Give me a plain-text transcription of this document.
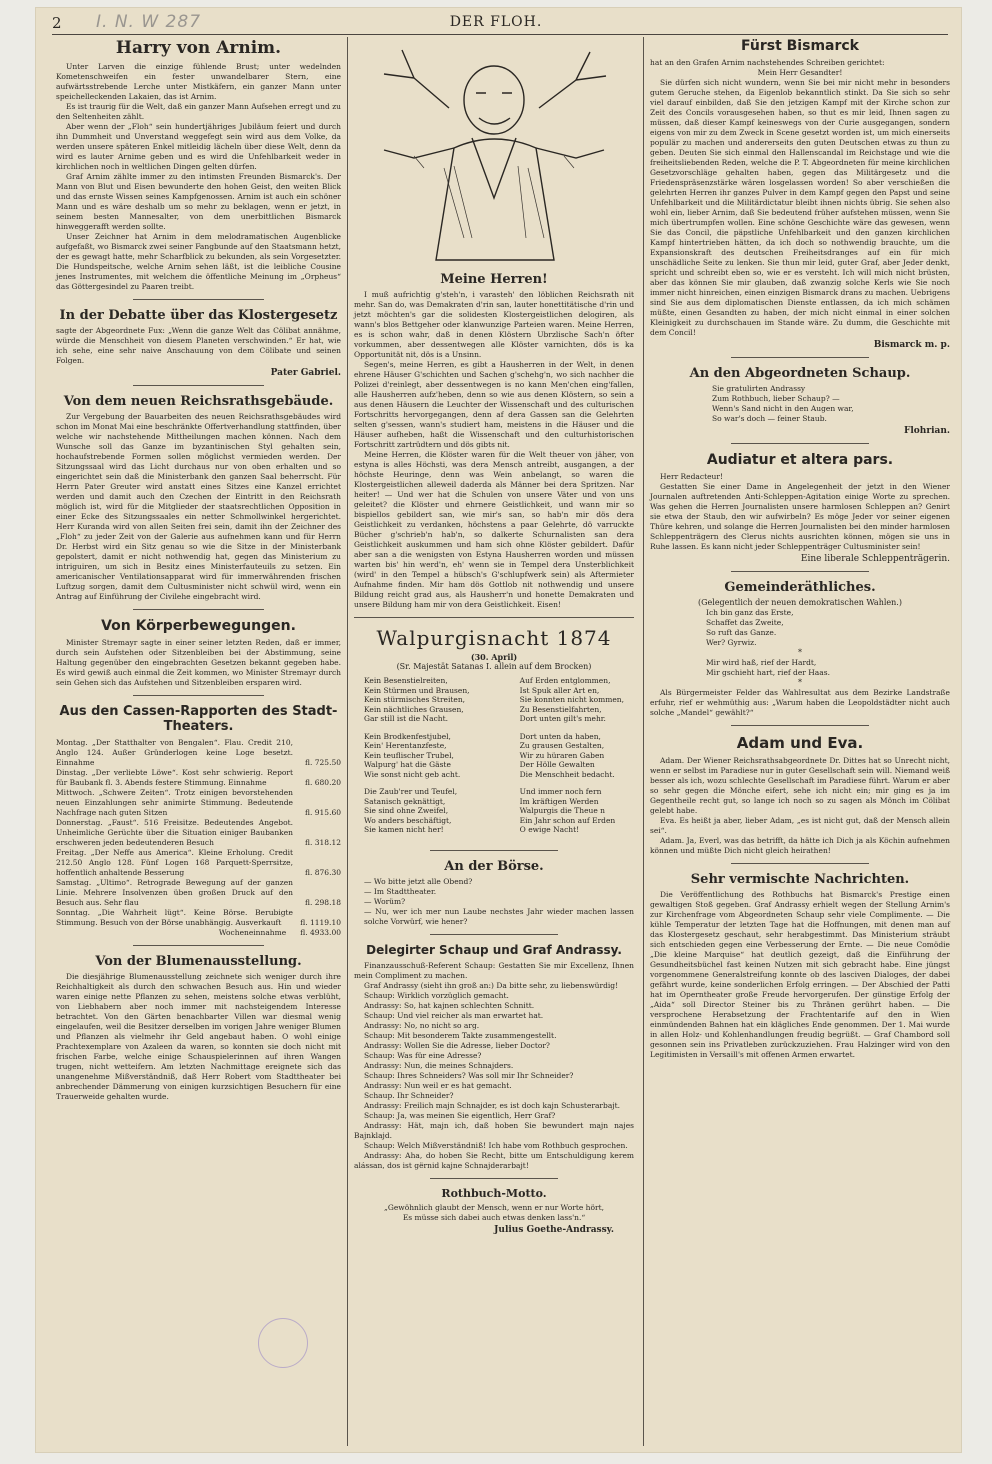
2 I. N. W 287	DER FLOH.
Harry von Arnim.

Unter Larven die einzige fühlende Brust; unter wedelnden Kometenschweifen ein fester unwandelbarer Stern, eine aufwärtsstrebende Lerche unter Mistkäfern, ein ganzer Mann unter speichelleckenden Lakaien, das ist Arnim.

Es ist traurig für die Welt, daß ein ganzer Mann Aufsehen erregt und zu den Seltenheiten zählt.

Aber wenn der „Floh“ sein hundertjähriges Jubiläum feiert und durch ihn Dummheit und Unverstand weggefegt sein wird aus dem Volke, da werden unsere späteren Enkel mitleidig lächeln über diese Welt, denn da wird es lauter Arnime geben und es wird die Unfehlbarkeit weder in kirchlichen noch in weltlichen Dingen gelten dürfen.

Graf Arnim zählte immer zu den intimsten Freunden Bismarck's. Der Mann von Blut und Eisen bewunderte den hohen Geist, den weiten Blick und das ernste Wissen seines Kampfgenossen. Arnim ist auch ein schöner Mann und es wäre deshalb um so mehr zu beklagen, wenn er jetzt, in seinem besten Mannesalter, von dem unerbittlichen Bismarck hinweggerafft werden sollte.

Unser Zeichner hat Arnim in dem melodramatischen Augenblicke aufgefaßt, wo Bismarck zwei seiner Fangbunde auf den Staatsmann hetzt, der es gewagt hatte, mehr Scharfblick zu bekunden, als sein Vorgesetzter. Die Hundspeitsche, welche Arnim sehen läßt, ist die leibliche Cousine jenes Instrumentes, mit welchem die öffentliche Meinung im „Orpheus“ das Göttergesindel zu Paaren treibt.

In der Debatte über das Klostergesetz

sagte der Abgeordnete Fux: „Wenn die ganze Welt das Cölibat annähme, würde die Menschheit von diesem Planeten verschwinden.“ Er hat, wie ich sehe, eine sehr naive Anschauung von dem Cölibate und seinen Folgen.

Pater Gabriel.
Von dem neuen Reichsrathsgebäude.

Zur Vergebung der Bauarbeiten des neuen Reichsrathsgebäudes wird schon im Monat Mai eine beschränkte Offertverhandlung stattfinden, über welche wir nachstehende Mittheilungen machen können. Nach dem Wunsche soll das Ganze im byzantinischen Styl gehalten sein, hochaufstrebende Formen sollen möglichst vermieden werden. Der Sitzungssaal wird das Licht durchaus nur von oben erhalten und so eingerichtet sein daß die Ministerbank den ganzen Saal beherrscht. Für Herrn Pater Greuter wird anstatt eines Sitzes eine Kanzel errichtet werden und damit auch den Czechen der Eintritt in den Reichsrath möglich ist, wird für die Mitglieder der staatsrechtlichen Opposition in einer Ecke des Sitzungssaales ein netter Schmollwinkel hergerichtet. Herr Kuranda wird von allen Seiten frei sein, damit ihn der Zeichner des „Floh“ zu jeder Zeit von der Galerie aus aufnehmen kann und für Herrn Dr. Herbst wird ein Sitz genau so wie die Sitze in der Ministerbank gepolstert, damit er nicht nothwendig hat, gegen das Ministerium zu intriguiren, um sich in Besitz eines Ministerfauteuils zu setzen. Ein americanischer Ventilationsapparat wird für immerwährenden frischen Luftzug sorgen, damit dem Cultusminister nicht schwül wird, wenn ein Antrag auf Einführung der Civilehe eingebracht wird.

Von Körperbewegungen.

Minister Stremayr sagte in einer seiner letzten Reden, daß er immer, durch sein Aufstehen oder Sitzenbleiben bei der Abstimmung, seine Haltung gegenüber den eingebrachten Gesetzen bekannt gegeben habe. Es wird gewiß auch einmal die Zeit kommen, wo Minister Stremayr durch sein Gehen sich das Aufstehen und Sitzenbleiben ersparen wird.

Aus den Cassen-Rapporten des Stadt-Theaters.
Montag. „Der Statthalter von Bengalen“. Flau. Credit 210, Anglo 124. Außer Gründerlogen keine Loge besetzt. Einnahme	fl. 725.50
Dinstag. „Der verliebte Löwe“. Kost sehr schwierig. Report für Baubank fl. 3. Abends festere Stimmung. Einnahme	fl. 680.20
Mittwoch. „Schwere Zeiten“. Trotz einigen bevorstehenden neuen Einzahlungen sehr animirte Stimmung. Bedeutende Nachfrage nach guten Sitzen	fl. 915.60
Donnerstag. „Faust“. 516 Freisitze. Bedeutendes Angebot. Unheimliche Gerüchte über die Situation einiger Baubanken erschweren jeden bedeutenderen Besuch	fl. 318.12
Freitag. „Der Neffe aus America“. Kleine Erholung. Credit 212.50 Anglo 128. Fünf Logen 168 Parquett-Sperrsitze, hoffentlich anhaltende Besserung	fl. 876.30
Samstag. „Ultimo“. Retrograde Bewegung auf der ganzen Linie. Mehrere Insolvenzen üben großen Druck auf den Besuch aus. Sehr flau	fl. 298.18
Sonntag. „Die Wahrheit lügt“. Keine Börse. Berubigte Stimmung. Besuch von der Börse unabhängig. Ausverkauft	fl. 1119.10
Wocheneinnahme fl. 4933.00
Von der Blumenausstellung.

Die diesjährige Blumenausstellung zeichnete sich weniger durch ihre Reichhaltigkeit als durch den schwachen Besuch aus. Hin und wieder waren einige nette Pflanzen zu sehen, meistens solche etwas verblüht, von Liebhabern aber noch immer mit nachsteigendem Interesse betrachtet. Von den Gärten benachbarter Villen war diesmal wenig eingelaufen, weil die Besitzer derselben im vorigen Jahre weniger Blumen und Pflanzen als vielmehr ihr Geld angebaut haben. O wohl einige Prachtexemplare von Azaleen da waren, so konnten sie doch nicht mit frischen Farbe, welche einige Schauspielerinnen auf ihren Wangen trugen, nicht wetteifern. Am letzten Nachmittage ereignete sich das unangenehme Mißverständniß, daß Herr Robert vom Stadttheater bei anbrechender Dämmerung von einigen kurzsichtigen Besuchern für eine Trauerweide gehalten wurde.

Meine Herren!

I muß aufrichtig g'steh'n, i varasteh' den löblichen Reichsrath nit mehr. San do, was Demakraten d'rin san, lauter honettitätische d'rin und jetzt möchten's gar die solidesten Klostergeistlichen delogiren, als wann's blos Bettgeher oder klanwunzige Parteien waren. Meine Herren, es is schon wahr, daß in denen Klöstern Ubrzlische Sach'n öfter vorkummen, aber dessentwegen alle Klöster varnichten, dös is ka Opportunität nit, dös is a Unsinn.

Segen's, meine Herren, es gibt a Hausherren in der Welt, in denen ehrene Häuser G'schichten und Sachen g'schehg'n, wo sich nachher die Polizei d'reinlegt, aber dessentwegen is no kann Men'chen eing'fallen, alle Hausherren aufz'heben, denn so wie aus denen Klöstern, so sein a aus denen Häusern die Leuchter der Wissenschaft und des culturischen Fortschritts hervorgegangen, denn af dera Gassen san die Gelehrten selten g'sessen, wann's studiert ham, meistens in die Häuser und die Häuser aufheben, haßt die Wissenschaft und den culturhistorischen Fortschritt zartrüdtern und dös gibts nit.

Meine Herren, die Klöster waren für die Welt theuer von jäher, von estyna is alles Höchsti, was dera Mensch antreibt, ausgangen, a der höchste Heuringe, denn was Wein anbelangt, so waren die Klostergeistlichen alleweil daderda als Männer bei dera Spritzen. Nar heiter! — Und wer hat die Schulen von unsere Väter und von uns geleitet? die Klöster und ehrnere Geistlichkeit, und wann mir so bispiellos gebildert san, wie mir's san, so hab'n mir dös dera Geistlichkeit zu verdanken, höchstens a paar Gelehrte, dö varruckte Bücher g'schrieb'n hab'n, so dalkerte Schurnalisten san dera Geistlichkeit auskummen und ham sich ohne Klöster gebildert. Dafür aber san a die wenigsten von Estyna Hausherren worden und müssen warten bis' hin werd'n, eh' wenn sie in Tempel dera Unsterblichkeit (wird' in den Tempel a hübsch's G'schlupfwerk sein) als Aftermieter Aufnahme finden. Mir ham dös Gottlob nit nothwendig und unsere Bildung reicht grad aus, als Hausherr'n und honette Demakraten und unsere Bildung ham mir von dera Geistlichkeit. Eisen!

Walpurgisnacht 1874
(30. April)
(Sr. Majestät Satanas I. allein auf dem Brocken)
Kein Besenstielreiten,
Kein Stürmen und Brausen,
Kein stürmisches Streiten,
Kein nächtliches Grausen,
Gar still ist die Nacht.
Kein Brodkenfestjubel,
Kein' Herentanzfeste,
Kein teuflischer Trubel,
Walpurg' hat die Gäste
Wie sonst nicht geb acht.
Die Zaub'rer und Teufel,
Satanisch geknättigt,
Sie sind ohne Zweifel,
Wo anders beschäftigt,
Sie kamen nicht her!
Auf Erden entglommen,
Ist Spuk aller Art en,
Sie konnten nicht kommen,
Zu Besenstielfahrten,
Dort unten gilt's mehr.
Dort unten da haben,
Zu grausen Gestalten,
Wir zu hüraren Gaben
Der Hölle Gewalten
Die Menschheit bedacht.
Und immer noch fern
Im kräftigen Werden
Walpurgis die Theue n
Ein Jahr schon auf Erden
O ewige Nacht!
An der Börse.

— Wo bitte jetzt alle Obend?

— Im Stadttheater.

— Worüm?

— Nu, wer ich mer nun Laube nechstes Jahr wieder machen lassen solche Vorwürf, wie hener?

Delegirter Schaup und Graf Andrassy.

Finanzausschuß-Referent Schaup: Gestatten Sie mir Excellenz, Ihnen mein Compliment zu machen.

Graf Andrassy (sieht ihn groß an:) Da bitte sehr, zu liebenswürdig!

Schaup: Wirklich vorzüglich gemacht.

Andrassy: So, hat kajnen schlechten Schnitt.

Schaup: Und viel reicher als man erwartet hat.

Andrassy: No, no nicht so arg.

Schaup: Mit besonderem Takte zusammengestellt.

Andrassy: Wollen Sie die Adresse, lieber Doctor?

Schaup: Was für eine Adresse?

Andrassy: Nun, die meines Schnajders.

Schaup: Ihres Schneiders? Was soll mir Ihr Schneider?

Andrassy: Nun weil er es hat gemacht.

Schaup. Ihr Schneider?

Andrassy: Freilich majn Schnajder, es ist doch kajn Schusterarbajt.

Schaup: Ja, was meinen Sie eigentlich, Herr Graf?

Andrassy: Hät, majn ich, daß hoben Sie bewundert majn najes Bajnklajd.

Schaup: Welch Mißverständniß! Ich habe vom Rothbuch gesprochen.

Andrassy: Aha, do hoben Sie Recht, bitte um Entschuldigung kerem alássan, dos ist gërnid kajne Schnajderarbajt!

Rothbuch-Motto.
„Gewöhnlich glaubt der Mensch, wenn er nur Worte hört,
Es müsse sich dabei auch etwas denken lass'n.“
Julius Goethe-Andrassy.
Fürst Bismarck

hat an den Grafen Arnim nachstehendes Schreiben gerichtet:

Mein Herr Gesandter!

Sie dürfen sich nicht wundern, wenn Sie bei mir nicht mehr in besonders gutem Geruche stehen, da Eigenlob bekanntlich stinkt. Da Sie sich so sehr viel darauf einbilden, daß Sie den jetzigen Kampf mit der Kirche schon zur Zeit des Concils vorausgesehen haben, so thut es mir leid, Ihnen sagen zu müssen, daß dieser Kampf keineswegs von der Curie ausgegangen, sondern eigens von mir zu dem Zweck in Scene gesetzt worden ist, um mich einerseits populär zu machen und andererseits den guten Deutschen etwas zu thun zu geben. Deuten Sie sich einmal den Hallenscandal im Reichstage und wie die freiheitsliebenden Reden, welche die P. T. Abgeordneten für meine kirchlichen Gesetzvorschläge gehalten haben, gegen das Militärgesetz und die Friedenspräsenzstärke wären losgelassen worden! So aber verschießen die gelehrten Herren ihr ganzes Pulver in dem Kampf gegen den Papst und seine Unfehlbarkeit und die Militärdictatur bleibt ihnen nichts übrig. Sie sehen also wohl ein, lieber Arnim, daß Sie bedeutend früher aufstehen müssen, wenn Sie mich übertrumpfen wollen. Eine schöne Geschichte wäre das gewesen, wenn Sie das Concil, die päpstliche Unfehlbarkeit und den ganzen kirchlichen Kampf hintertrieben hätten, da ich doch so nothwendig brauchte, um die Expansionskraft des deutschen Freiheitsdranges auf ein für mich unschädliche Seite zu lenken. Sie thun mir leid, guter Graf, aber Jeder denkt, spricht und schreibt eben so, wie er es versteht. Ich will mich nicht brüsten, aber das können Sie mir glauben, daß zwanzig solche Kerls wie Sie noch immer nicht hinreichen, einen einzigen Bismarck drans zu machen. Uebrigens sind Sie aus dem diplomatischen Dienste entlassen, da ich mich schämen müßte, einen Gesandten zu haben, der mich nicht einmal in einer solchen Kleinigkeit zu durchschauen im Stande wäre. Zu dumm, die Geschichte mit dem Concil!

Bismarck m. p.
An den Abgeordneten Schaup.
Sie gratulirten Andrassy
Zum Rothbuch, lieber Schaup? —
Wenn's Sand nicht in den Augen war,
So war's doch — feiner Staub.
Flohrian.
Audiatur et altera pars.

Herr Redacteur!

Gestatten Sie einer Dame in Angelegenheit der jetzt in den Wiener Journalen auftretenden Anti-Schleppen-Agitation einige Worte zu sprechen. Was gehen die Herren Journalisten unsere harmlosen Schleppen an? Genirt sie etwa der Staub, den wir aufwirbeln? Es möge Jeder vor seiner eigenen Thüre kehren, und solange die Herren Journalisten bei den minder harmlosen Schleppenträgern des Clerus nichts ausrichten können, mögen sie uns in Ruhe lassen. Es kann nicht jeder Schleppenträger Cultusminister sein!

Eine liberale Schleppenträgerin.
Gemeinderäthliches.
(Gelegentlich der neuen demokratischen Wahlen.)
Ich bin ganz das Erste,
Schaffet das Zweite,
So ruft das Ganze.
Wer? Gyrwiz.
*
Mir wird haß, rief der Hardt,
Mir gschieht hart, rief der Haas.
*

Als Bürgermeister Felder das Wahlresultat aus dem Bezirke Landstraße erfuhr, rief er wehmüthig aus: „Warum haben die Leopoldstädter nicht auch solche „Mandel“ gewählt?“

Adam und Eva.

Adam. Der Wiener Reichsrathsabgeordnete Dr. Dittes hat so Unrecht nicht, wenn er selbst im Paradiese nur in guter Gesellschaft sein will. Niemand weiß besser als ich, wozu schlechte Gesellschaft im Paradiese führt. Warum er aber so sehr gegen die Mönche eifert, sehe ich nicht ein; mir ging es ja im Gegentheile recht gut, so lange ich noch so zu sagen als Mönch im Cölibat gelebt habe.

Eva. Es heißt ja aber, lieber Adam, „es ist nicht gut, daß der Mensch allein sei“.

Adam. Ja, Everl, was das betrifft, da hätte ich Dich ja als Köchin aufnehmen können und müßte Dich nicht gleich heirathen!

Sehr vermischte Nachrichten.

Die Veröffentlichung des Rothbuchs hat Bismarck's Prestige einen gewaltigen Stoß gegeben. Graf Andrassy erhielt wegen der Stellung Arnim's zur Kirchenfrage vom Abgeordneten Schaup sehr viele Complimente. — Die kühle Temperatur der letzten Tage hat die Hoffnungen, mit denen man auf das Klostergesetz geschaut, sehr herabgestimmt. Das Ministerium sträubt sich entschieden gegen eine Verbesserung der Ernte. — Die neue Comödie „Die kleine Marquise“ hat deutlich gezeigt, daß die Einführung der Gesundheitsbüchel fast keinen Nutzen mit sich gebracht habe. Eine jüngst vorgenommene Generalstreifung konnte ob des lasciven Dialoges, der dabei gefährt wurde, keine sonderlichen Erfolg erringen. — Der Abschied der Patti hat im Operntheater große Freude hervorgerufen. Der günstige Erfolg der „Aida“ soll Director Steiner bis zu Thränen gerührt haben. — Die versprochene Herabsetzung der Frachtentarife auf den in Wien einmündenden Bahnen hat ein klägliches Ende genommen. Der 1. Mai wurde in allen Holz- und Kohlenhandlungen freudig begrüßt. — Graf Chambord soll gesonnen sein ins Privatleben zurückzuziehen. Frau Halzinger wird von den Legitimisten in Versaill's mit offenen Armen erwartet.
